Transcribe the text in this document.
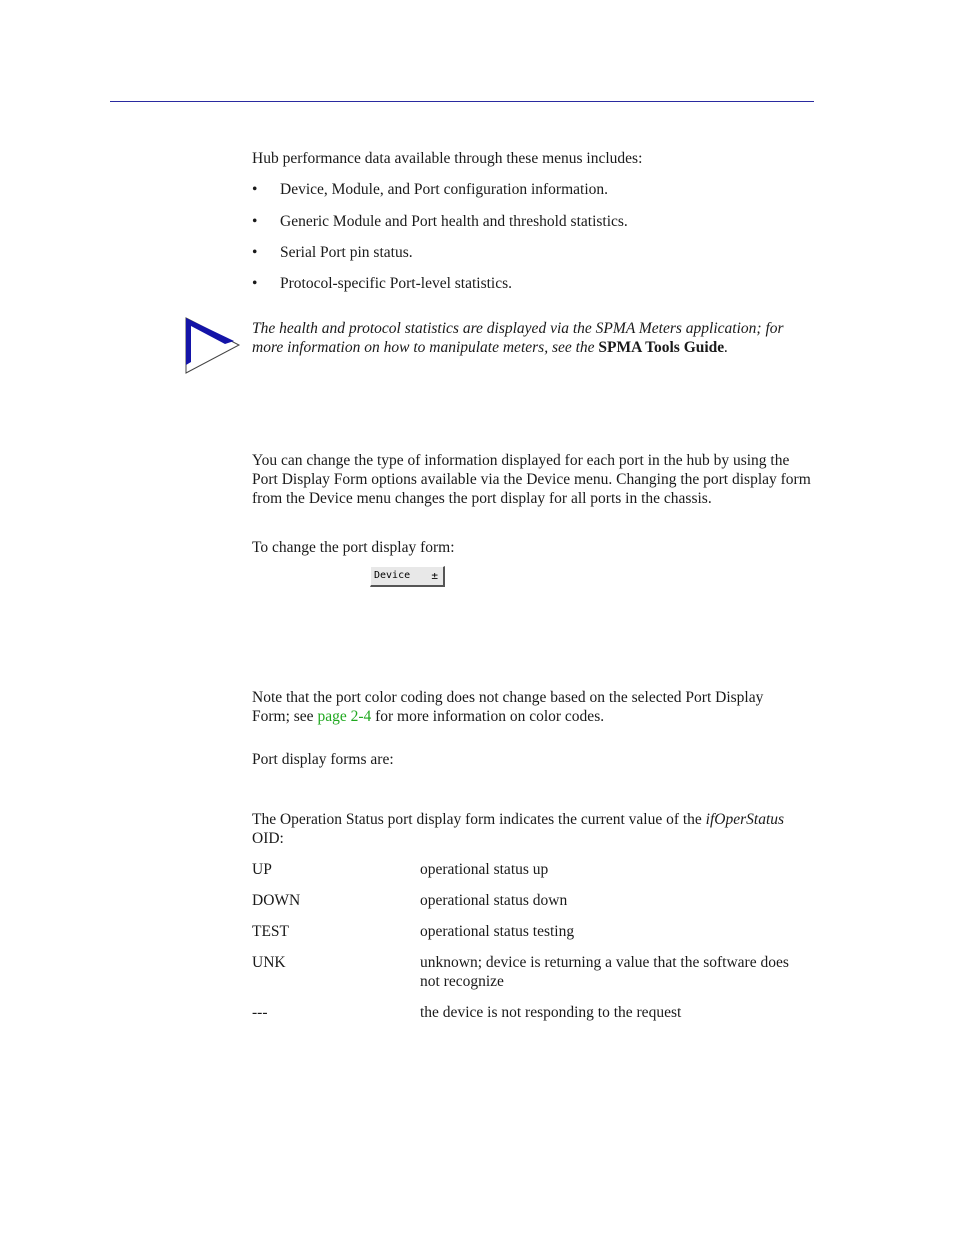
Hub performance data available through these menus includes:

• Device, Module, and Port configuration information.
• Generic Module and Port health and threshold statistics.
• Serial Port pin status.
• Protocol-specific Port-level statistics.
The health and protocol statistics are displayed via the SPMA Meters application; for more information on how to manipulate meters, see the SPMA Tools Guide.

You can change the type of information displayed for each port in the hub by using the Port Display Form options available via the Device menu. Changing the port display form from the Device menu changes the port display for all ports in the chassis.

To change the port display form:

Device ±

Note that the port color coding does not change based on the selected Port Display Form; see page 2-4 for more information on color codes.

Port display forms are:

The Operation Status port display form indicates the current value of the ifOperStatus OID:

UP	operational status up
DOWN	operational status down
TEST	operational status testing
UNK	unknown; device is returning a value that the software does not recognize
---	the device is not responding to the request
